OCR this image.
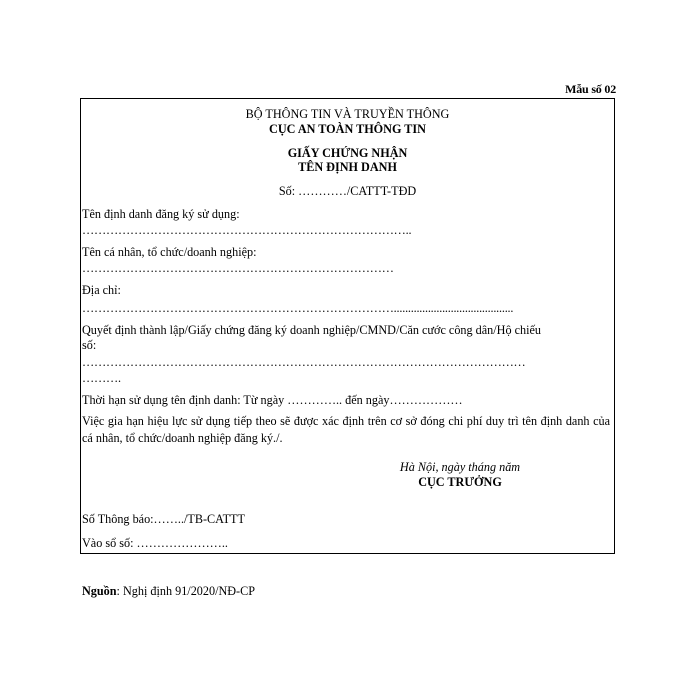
Mẫu số 02
BỘ THÔNG TIN VÀ TRUYỀN THÔNG
CỤC AN TOÀN THÔNG TIN
GIẤY CHỨNG NHẬN
TÊN ĐỊNH DANH
Số: …………/CATTT-TĐD
Tên định danh đăng ký sử dụng:
………………………………………………………………………..
Tên cá nhân, tổ chức/doanh nghiệp:
……………………………………………………………………
Địa chỉ:
……………………………………………………………………..........................................
Quyết định thành lập/Giấy chứng đăng ký doanh nghiệp/CMND/Căn cước công dân/Hộ chiếu
số:
…………………………………………………………………………………………………
……….
Thời hạn sử dụng tên định danh: Từ ngày ………….. đến ngày………………
Việc gia hạn hiệu lực sử dụng tiếp theo sẽ được xác định trên cơ sở đóng chi phí duy trì tên định danh của cá nhân, tổ chức/doanh nghiệp đăng ký./.
Hà Nội, ngày tháng năm
CỤC TRƯỞNG
Số Thông báo:……../TB-CATTT
Vào sổ số: …………………..
Nguồn: Nghị định 91/2020/NĐ-CP
